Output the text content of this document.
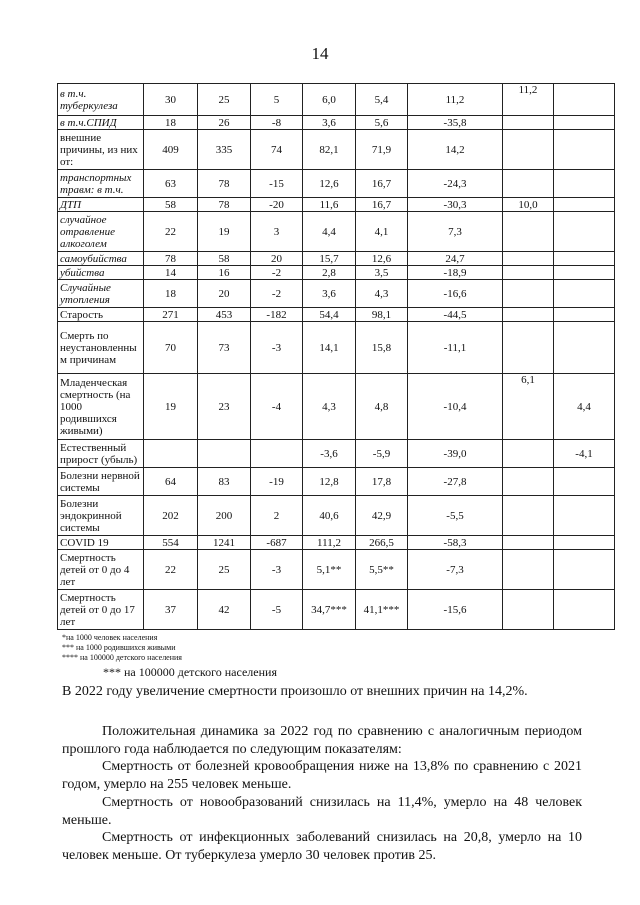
14
в т.ч. туберкулеза	30	25	5	6,0	5,4	11,2	11,2	
в т.ч.СПИД	18	26	-8	3,6	5,6	-35,8		
внешние причины, из них от:	409	335	74	82,1	71,9	14,2		
транспортных травм: в т.ч.	63	78	-15	12,6	16,7	-24,3		
ДТП	58	78	-20	11,6	16,7	-30,3	10,0	
случайное отравление алкоголем	22	19	3	4,4	4,1	7,3		
самоубийства	78	58	20	15,7	12,6	24,7		
убийства	14	16	-2	2,8	3,5	-18,9		
Случайные утопления	18	20	-2	3,6	4,3	-16,6		
Старость	271	453	-182	54,4	98,1	-44,5		
Смерть по неустановленны м причинам	70	73	-3	14,1	15,8	-11,1		
Младенческая смертность (на 1000 родившихся живыми)	19	23	-4	4,3	4,8	-10,4	6,1	4,4
Естественный прирост (убыль)				-3,6	-5,9	-39,0		-4,1
Болезни нервной системы	64	83	-19	12,8	17,8	-27,8		
Болезни эндокринной системы	202	200	2	40,6	42,9	-5,5		
COVID 19	554	1241	-687	111,2	266,5	-58,3		
Смертность детей от 0 до 4 лет	22	25	-3	5,1**	5,5**	-7,3		
Смертность детей от 0 до 17 лет	37	42	-5	34,7***	41,1***	-15,6		
*на 1000 человек населения
*** на 1000 родившихся живыми
**** на 100000 детского населения
*** на 100000 детского населения
В 2022 году увеличение смертности произошло от внешних причин на 14,2%.
Положительная динамика за 2022 год по сравнению с аналогичным периодом прошлого года наблюдается по следующим показателям:
Смертность от болезней кровообращения ниже на 13,8% по сравнению с 2021 годом, умерло на 255 человек меньше.
Смертность от новообразований снизилась на 11,4%, умерло на 48 человек меньше.
Смертность от инфекционных заболеваний снизилась на 20,8, умерло на 10 человек меньше. От туберкулеза умерло 30 человек против 25.
